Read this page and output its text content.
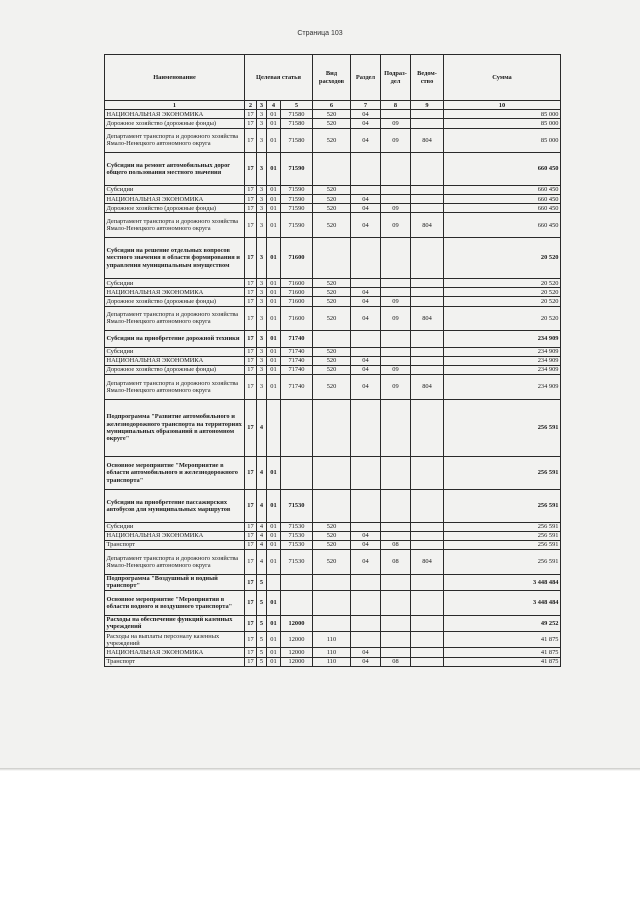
Страница 103
Наименование	Целевая статья				Вид расходов	Раздел	Подраз-дел	Ведом-ство	Сумма
1	2	3	4	5	6	7	8	9	10
НАЦИОНАЛЬНАЯ ЭКОНОМИКА	17	3	01	71580	520	04			85 000
Дорожное хозяйство (дорожные фонды)	17	3	01	71580	520	04	09		85 000
Департамент транспорта и дорожного хозяйства Ямало-Ненецкого автономного округа	17	3	01	71580	520	04	09	804	85 000
Субсидии на ремонт автомобильных дорог общего пользования местного значения	17	3	01	71590					660 450
Субсидии	17	3	01	71590	520				660 450
НАЦИОНАЛЬНАЯ ЭКОНОМИКА	17	3	01	71590	520	04			660 450
Дорожное хозяйство (дорожные фонды)	17	3	01	71590	520	04	09		660 450
Департамент транспорта и дорожного хозяйства Ямало-Ненецкого автономного округа	17	3	01	71590	520	04	09	804	660 450
Субсидии на решение отдельных вопросов местного значения в области формирования и управления муниципальным имуществом	17	3	01	71600					20 520
Субсидии	17	3	01	71600	520				20 520
НАЦИОНАЛЬНАЯ ЭКОНОМИКА	17	3	01	71600	520	04			20 520
Дорожное хозяйство (дорожные фонды)	17	3	01	71600	520	04	09		20 520
Департамент транспорта и дорожного хозяйства Ямало-Ненецкого автономного округа	17	3	01	71600	520	04	09	804	20 520
Субсидии на приобретение дорожной техники	17	3	01	71740					234 909
Субсидии	17	3	01	71740	520				234 909
НАЦИОНАЛЬНАЯ ЭКОНОМИКА	17	3	01	71740	520	04			234 909
Дорожное хозяйство (дорожные фонды)	17	3	01	71740	520	04	09		234 909
Департамент транспорта и дорожного хозяйства Ямало-Ненецкого автономного округа	17	3	01	71740	520	04	09	804	234 909
Подпрограмма "Развитие автомобильного и железнодорожного транспорта на территориях муниципальных образований в автономном округе"	17	4							256 591
Основное мероприятие "Мероприятие в области автомобильного и железнодорожного транспорта"	17	4	01						256 591
Субсидии на приобретение пассажирских автобусов для муниципальных маршрутов	17	4	01	71530					256 591
Субсидии	17	4	01	71530	520				256 591
НАЦИОНАЛЬНАЯ ЭКОНОМИКА	17	4	01	71530	520	04			256 591
Транспорт	17	4	01	71530	520	04	08		256 591
Департамент транспорта и дорожного хозяйства Ямало-Ненецкого автономного округа	17	4	01	71530	520	04	08	804	256 591
Подпрограмма "Воздушный и водный транспорт"	17	5							3 448 484
Основное мероприятие "Мероприятия в области водного и воздушного транспорта"	17	5	01						3 448 484
Расходы на обеспечение функций казенных учреждений	17	5	01	12000					49 252
Расходы на выплаты персоналу казенных учреждений	17	5	01	12000	110				41 875
НАЦИОНАЛЬНАЯ ЭКОНОМИКА	17	5	01	12000	110	04			41 875
Транспорт	17	5	01	12000	110	04	08		41 875
